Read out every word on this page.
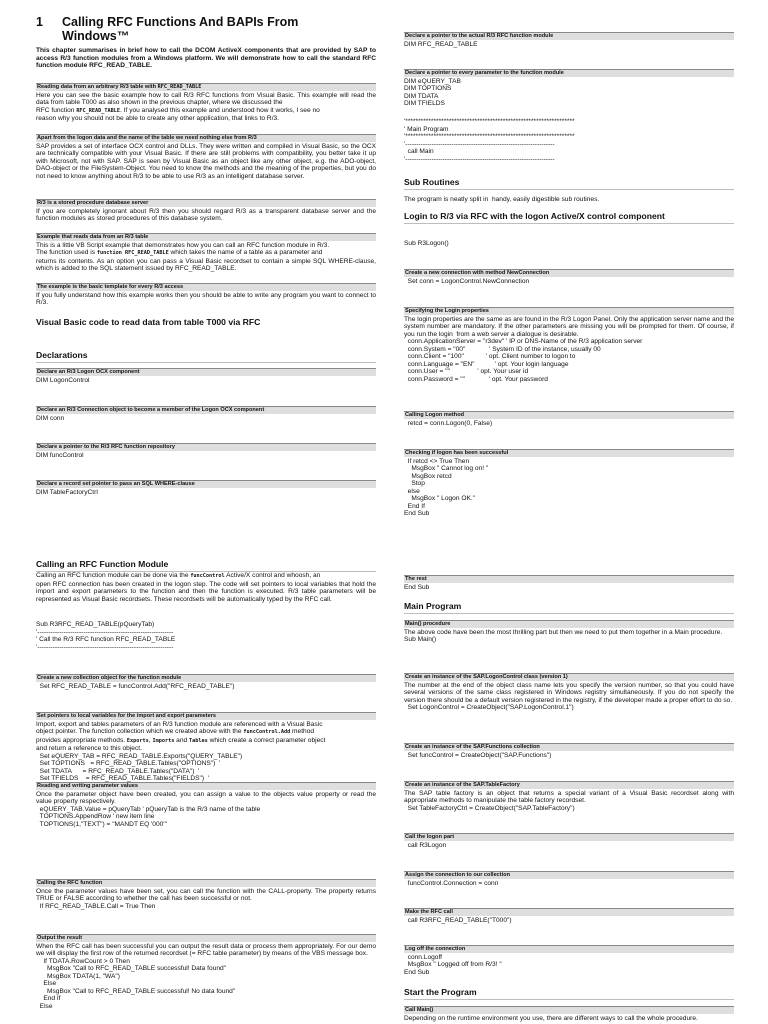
1 Calling RFC Functions And BAPIs From
Windows™

This chapter summarises in brief how to call the DCOM ActiveX components that are provided by SAP to access R/3 function modules from a Windows platform. We will demonstrate how to call the standard RFC function module RFC_READ_TABLE.

Reading data from an arbitrary R/3 table with RFC_READ_TABLE

Here you can see the basic example how to call R/3 RFC functions from Visual Basic. This example will read the data from table T000 as also shown in the previous chapter, where we discussed the

RFC function RFC_READ_TABLE. If you analysed this example and understood how it works, I see no

reason why you should not be able to create any other application, that links to R/3.

Apart from the logon data and the name of the table we need nothing else from R/3

SAP provides a set of interface OCX control and DLLs. They were written and compiled in Visual Basic, so the OCX are technically compatible with your Visual Basic. If there are still problems with compatibility, you better take it up with Microsoft, not with SAP. SAP is seen by Visual Basic as an object like any other object, e.g. the ADO-object, DAO-object or the FileSystem-Object. You need to know the methods and the meaning of the properties, but you do not need to know anything about R/3 to be able to use R/3 as an intelligent database server.

R/3 is a stored procedure database server

If you are completely ignorant about R/3 then you should regard R/3 as a transparent database server and the function modules as stored procedures of this database system.

Example that reads data from an R/3 table

This is a little VB Script example that demonstrates how you can call an RFC function module in R/3.

The function used is function RFC_READ_TABLE which takes the name of a table as a parameter and

returns its contents. As an option you can pass a Visual Basic recordset to contain a simple SQL WHERE-clause, which is added to the SQL statement issued by RFC_READ_TABLE.

The example is the basic template for every R/3 access

If you fully understand how this example works then you should be able to write any program you want to connect to R/3.

Visual Basic code to read data from table T000 via RFC
Declarations
Declare an R/3 Logon OCX component

DIM LogonControl

Declare an R/3 Connection object to become a member of the Logon OCX component

DIM conn

Declare a pointer to the R/3 RFC function repository

DIM funcControl

Declare a record set pointer to pass an SQL WHERE-clause

DIM TableFactoryCtrl

Calling an RFC Function Module

Calling an RFC function module can be done via the funcControl Active/X control and whoosh, an

open RFC connection has been created in the logon step. The code will set pointers to local variables that hold the import and export parameters to the function and then the function is executed. R/3 table parameters will be represented as Visual Basic recordsets. These recordsets will be automatically typed by the RFC call.

Sub R3RFC_READ_TABLE(pQueryTab)
'--------------------------------------------------------------
' Call the R/3 RFC function RFC_READ_TABLE
'--------------------------------------------------------------

Create a new collection object for the function module

Set RFC_READ_TABLE = funcControl.Add("RFC_READ_TABLE")

Set pointers to local variables for the import and export parameters

Import, export and tables parameters of an R/3 function module are referenced with a Visual Basic

object pointer. The function collection which we created above with the funcControl.Add method

provides appropriate methods. Exports, Imports and Tables which create a correct parameter object

and return a reference to this object.

Set eQUERY_TAB = RFC_READ_TABLE.Exports("QUERY_TABLE")
Set TOPTIONS   = RFC_READ_TABLE.Tables("OPTIONS")  '
Set TDATA      = RFC_READ_TABLE.Tables("DATA")  '
Set TFIELDS    = RFC_READ_TABLE.Tables("FIELDS")  '

Reading and writing parameter values

Once the parameter object have been created, you can assign a value to the objects value property or read the value property respectively.

eQUERY_TAB.Value = pQueryTab ' pQueryTab is the R/3 name of the table
TOPTIONS.AppendRow ' new item line
TOPTIONS(1,"TEXT") = "MANDT EQ '000'"

Calling the RFC function

Once the parameter values have been set, you can call the function with the CALL-property. The property returns TRUE or FALSE according to whether the call has been successful or not.

If RFC_READ_TABLE.Call = True Then

Output the result

When the RFC call has been successful you can output the result data or process them appropriately. For our demo we will display the first row of the returned recordset (= RFC table parameter) by means of the VBS message box.

If TDATA.RowCount > 0 Then
MsgBox "Call to RFC_READ_TABLE successful! Data found"
MsgBox TDATA(1, "WA")
Else
MsgBox "Call to RFC_READ_TABLE successful! No data found"
End If
Else

Declare a pointer to the actual R/3 RFC function module

DIM RFC_READ_TABLE

Declare a pointer to every parameter to the function module

DIM eQUERY_TAB
DIM TOPTIONS
DIM TDATA
DIM TFIELDS

'******************************************************************
' Main Program
'******************************************************************
'--------------------------------------------------------------------
call Main
'--------------------------------------------------------------------

Sub Routines

The program is neatly split in  handy, easily digestible sub routines.

Login to R/3 via RFC with the logon Active/X control component

Sub R3Logon()

Create a new connection with method NewConnection

Set conn = LogonControl.NewConnection

Specifying the Login properties

The login properties are the same as are found in the R/3 Logon Panel. Only the application server name and the system number are mandatory. If the other parameters are missing you will be prompted for them. Of course, if you run the login  from a web server a dialogue is desirable.

conn.ApplicationServer = "r3dev" ' IP or DNS-Name of the R/3 application server
conn.System = "00"             ' System ID of the instance, usually 00
conn.Client = "100"            ' opt. Client number to logon to
conn.Language = "EN"           ' opt. Your login language
conn.User = ""               ' opt. Your user id
conn.Password = ""             ' opt. Your password

Calling Logon method

retcd = conn.Logon(0, False)

Checking if logon has been successful

If retcd <> True Then
MsgBox " Cannot log on! "
MsgBox retcd
Stop
else
MsgBox " Logon OK."
End If
End Sub

The rest

End Sub

Main Program
Main() procedure

The above code have been the most thrilling part but then we need to put them together in a Main procedure.

Sub Main()

Create an instance of the SAP.LogonControl class (version 1)

The number at the end of the object class name lets you specify the version number, so that you could have several versions of the same class registered in Windows registry simultaneously. If you do not specify the version there should be a default version registered in the registry, if the developer made a proper effort to do so.

Set LogonControl = CreateObject("SAP.LogonControl.1")

Create an instance of the SAP.Functions collection

Set funcControl = CreateObject("SAP.Functions")

Create an instance of the SAP.TableFactory

The SAP table factory is an object that returns a special variant of a Visual Basic recordset along with appropriate methods to manipulate the table factory recordset.

Set TableFactoryCtrl = CreateObject("SAP.TableFactory")

Call the logon part

call R3Logon

Assign the connection to our collection

funcControl.Connection = conn

Make the RFC call

call R3RFC_READ_TABLE("T000")

Log off the connection

conn.Logoff
MsgBox " Logged off from R/3! "
End Sub

Start the Program
Call Main()

Depending on the runtime environment you use, there are different ways to call the whole procedure.
